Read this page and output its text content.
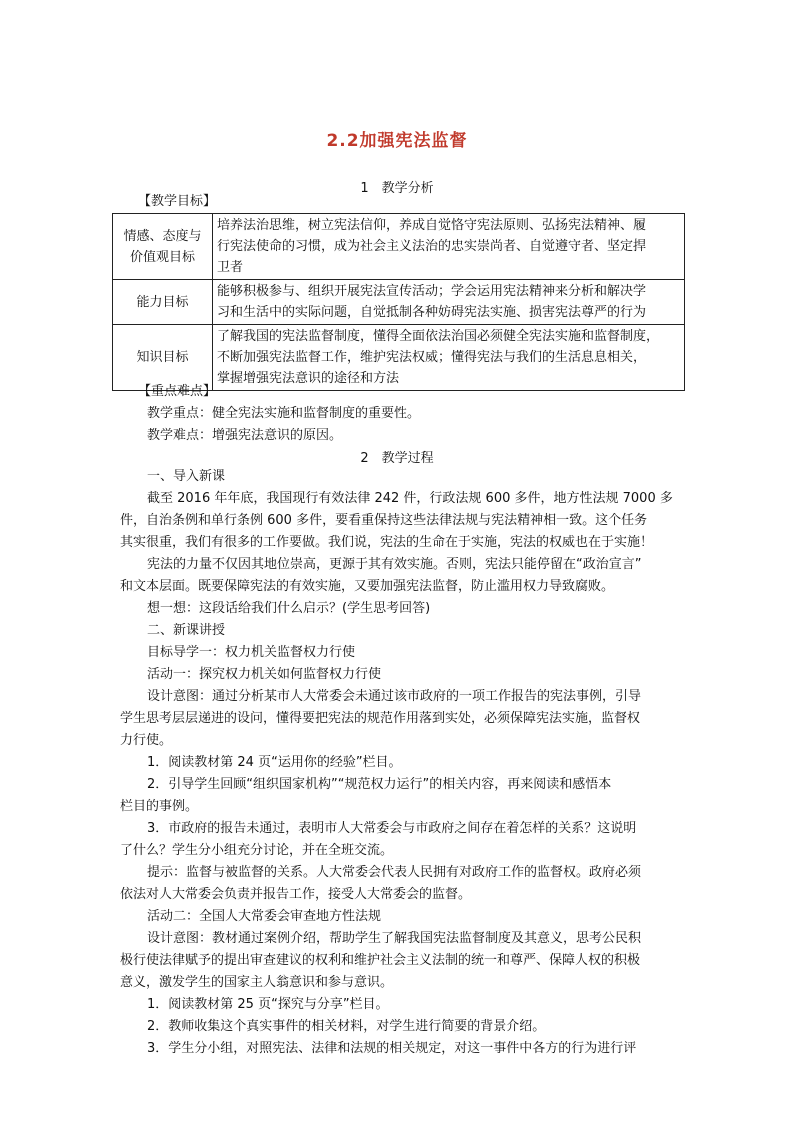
2.2加强宪法监督
1　教学分析
【教学目标】
情感、态度与
价值观目标	培养法治思维，树立宪法信仰，养成自觉恪守宪法原则、弘扬宪法精神、履
行宪法使命的习惯，成为社会主义法治的忠实崇尚者、自觉遵守者、坚定捍
卫者

能力目标	能够积极参与、组织开展宪法宣传活动；学会运用宪法精神来分析和解决学
习和生活中的实际问题，自觉抵制各种妨碍宪法实施、损害宪法尊严的行为

知识目标	了解我国的宪法监督制度，懂得全面依法治国必须健全宪法实施和监督制度，
不断加强宪法监督工作，维护宪法权威；懂得宪法与我们的生活息息相关，
掌握增强宪法意识的途径和方法
【重点难点】
教学重点：健全宪法实施和监督制度的重要性。
教学难点：增强宪法意识的原因。
2　教学过程
一、导入新课
截至 2016 年年底，我国现行有效法律 242 件，行政法规 600 多件，地方性法规 7000 多
件，自治条例和单行条例 600 多件，要看重保持这些法律法规与宪法精神相一致。这个任务
其实很重，我们有很多的工作要做。我们说，宪法的生命在于实施，宪法的权威也在于实施！
宪法的力量不仅因其地位崇高，更源于其有效实施。否则，宪法只能停留在“政治宣言”
和文本层面。既要保障宪法的有效实施，又要加强宪法监督，防止滥用权力导致腐败。
想一想：这段话给我们什么启示？(学生思考回答)
二、新课讲授
目标导学一：权力机关监督权力行使
活动一：探究权力机关如何监督权力行使
设计意图：通过分析某市人大常委会未通过该市政府的一项工作报告的宪法事例，引导
学生思考层层递进的设问，懂得要把宪法的规范作用落到实处，必须保障宪法实施，监督权
力行使。
1．阅读教材第 24 页“运用你的经验”栏目。
2．引导学生回顾“组织国家机构”“规范权力运行”的相关内容，再来阅读和感悟本
栏目的事例。
3．市政府的报告未通过，表明市人大常委会与市政府之间存在着怎样的关系？这说明
了什么？学生分小组充分讨论，并在全班交流。
提示：监督与被监督的关系。人大常委会代表人民拥有对政府工作的监督权。政府必须
依法对人大常委会负责并报告工作，接受人大常委会的监督。
活动二：全国人大常委会审查地方性法规
设计意图：教材通过案例介绍，帮助学生了解我国宪法监督制度及其意义，思考公民积
极行使法律赋予的提出审查建议的权利和维护社会主义法制的统一和尊严、保障人权的积极
意义，激发学生的国家主人翁意识和参与意识。
1．阅读教材第 25 页“探究与分享”栏目。
2．教师收集这个真实事件的相关材料，对学生进行简要的背景介绍。
3．学生分小组，对照宪法、法律和法规的相关规定，对这一事件中各方的行为进行评
